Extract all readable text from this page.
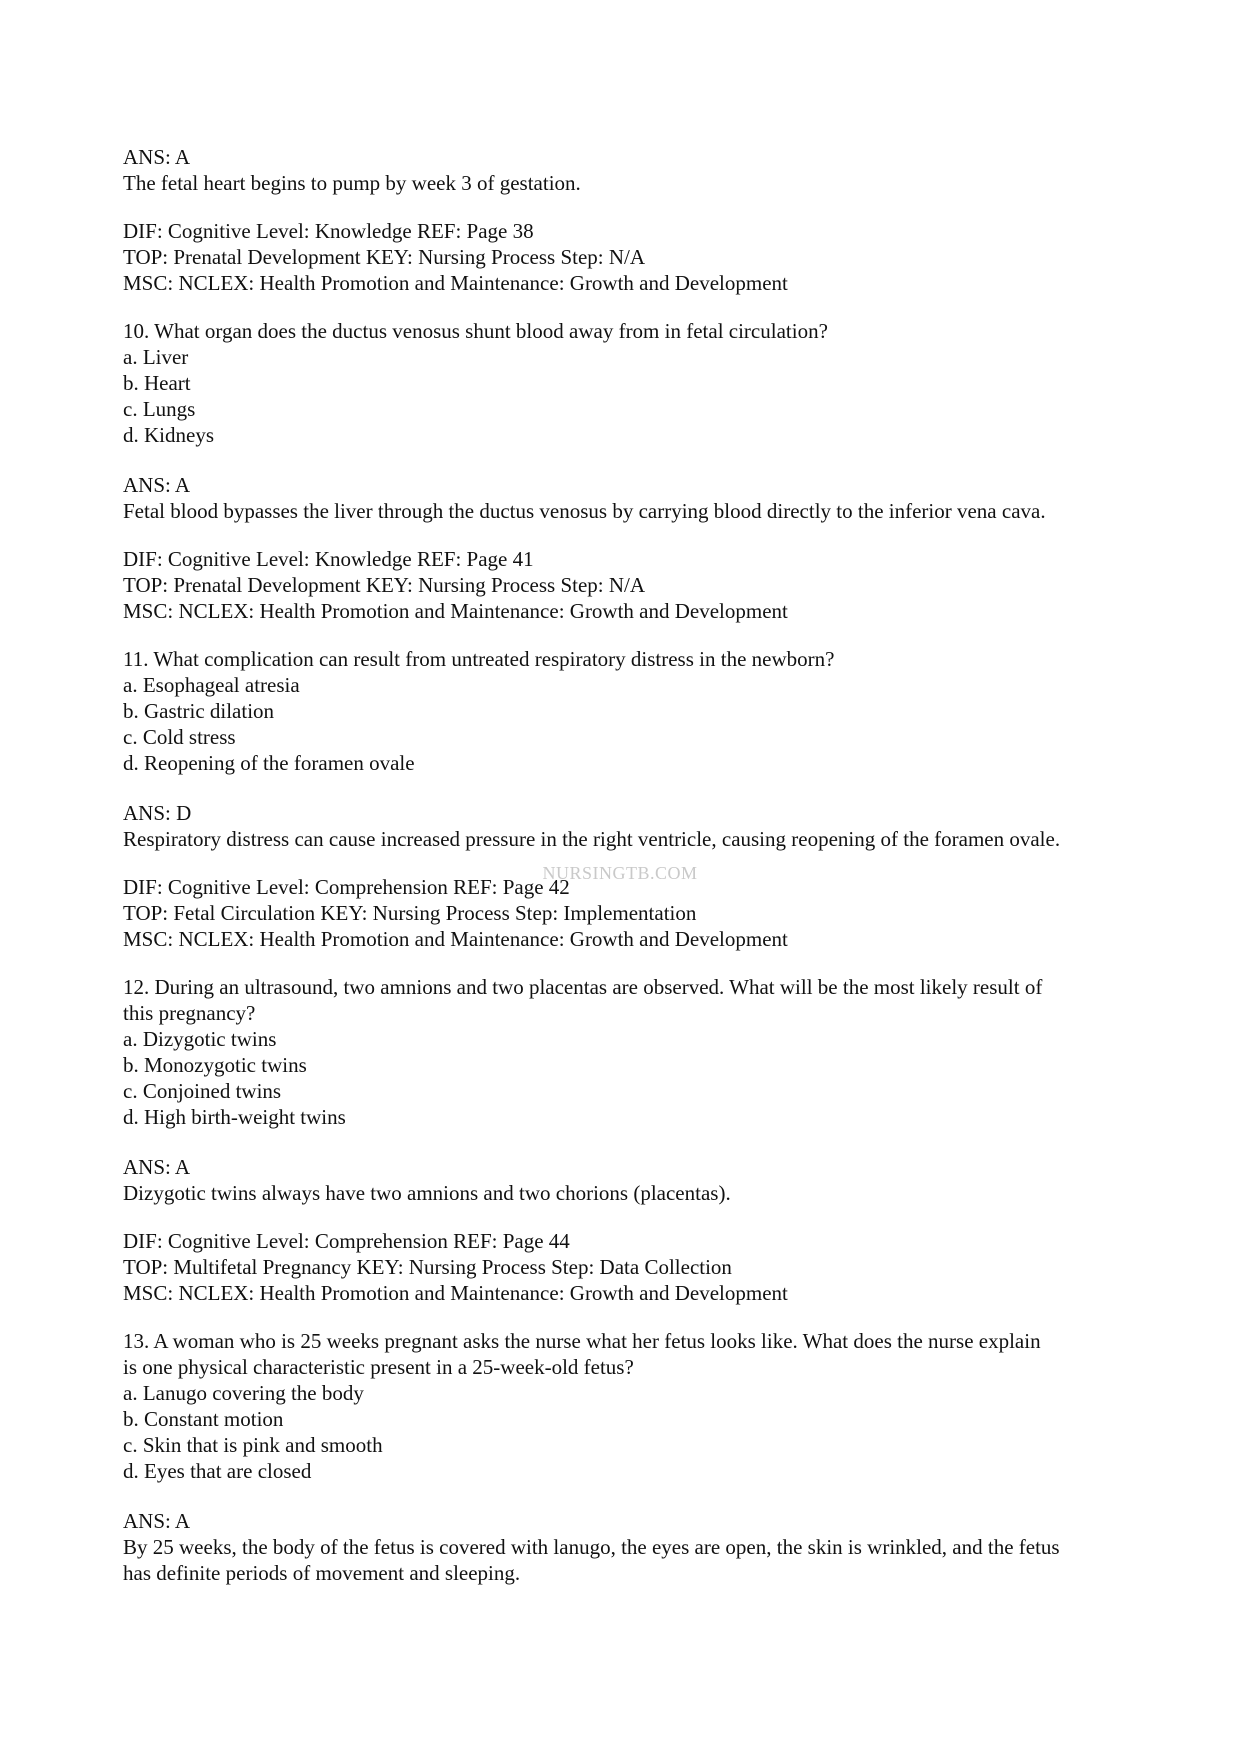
NURSINGTB.COM

ANS: A

The fetal heart begins to pump by week 3 of gestation.

DIF: Cognitive Level: Knowledge REF: Page 38

TOP: Prenatal Development KEY: Nursing Process Step: N/A

MSC: NCLEX: Health Promotion and Maintenance: Growth and Development

10. What organ does the ductus venosus shunt blood away from in fetal circulation?

a. Liver

b. Heart

c. Lungs

d. Kidneys

ANS: A

Fetal blood bypasses the liver through the ductus venosus by carrying blood directly to the inferior vena cava.

DIF: Cognitive Level: Knowledge REF: Page 41

TOP: Prenatal Development KEY: Nursing Process Step: N/A

MSC: NCLEX: Health Promotion and Maintenance: Growth and Development

11. What complication can result from untreated respiratory distress in the newborn?

a. Esophageal atresia

b. Gastric dilation

c. Cold stress

d. Reopening of the foramen ovale

ANS: D

Respiratory distress can cause increased pressure in the right ventricle, causing reopening of the foramen ovale.

DIF: Cognitive Level: Comprehension REF: Page 42

TOP: Fetal Circulation KEY: Nursing Process Step: Implementation

MSC: NCLEX: Health Promotion and Maintenance: Growth and Development

12. During an ultrasound, two amnions and two placentas are observed. What will be the most likely result of

this pregnancy?

a. Dizygotic twins

b. Monozygotic twins

c. Conjoined twins

d. High birth-weight twins

ANS: A

Dizygotic twins always have two amnions and two chorions (placentas).

DIF: Cognitive Level: Comprehension REF: Page 44

TOP: Multifetal Pregnancy KEY: Nursing Process Step: Data Collection

MSC: NCLEX: Health Promotion and Maintenance: Growth and Development

13. A woman who is 25 weeks pregnant asks the nurse what her fetus looks like. What does the nurse explain

is one physical characteristic present in a 25-week-old fetus?

a. Lanugo covering the body

b. Constant motion

c. Skin that is pink and smooth

d. Eyes that are closed

ANS: A

By 25 weeks, the body of the fetus is covered with lanugo, the eyes are open, the skin is wrinkled, and the fetus

has definite periods of movement and sleeping.
